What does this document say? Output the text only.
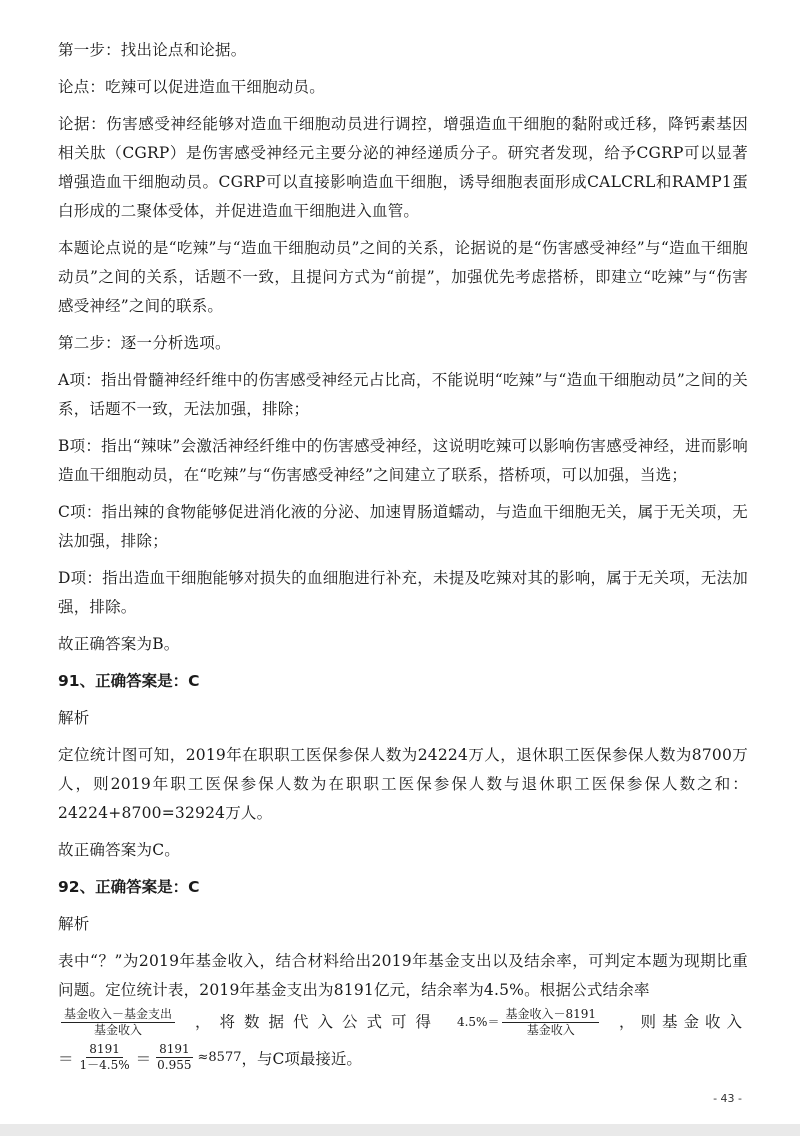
第一步：找出论点和论据。

论点：吃辣可以促进造血干细胞动员。

论据：伤害感受神经能够对造血干细胞动员进行调控，增强造血干细胞的黏附或迁移，降钙素基因相关肽（CGRP）是伤害感受神经元主要分泌的神经递质分子。研究者发现，给予CGRP可以显著增强造血干细胞动员。CGRP可以直接影响造血干细胞，诱导细胞表面形成CALCRL和RAMP1蛋白形成的二聚体受体，并促进造血干细胞进入血管。

本题论点说的是“吃辣”与“造血干细胞动员”之间的关系，论据说的是“伤害感受神经”与“造血干细胞动员”之间的关系，话题不一致，且提问方式为“前提”，加强优先考虑搭桥，即建立“吃辣”与“伤害感受神经”之间的联系。

第二步：逐一分析选项。

A项：指出骨髓神经纤维中的伤害感受神经元占比高，不能说明“吃辣”与“造血干细胞动员”之间的关系，话题不一致，无法加强，排除；

B项：指出“辣味”会激活神经纤维中的伤害感受神经，这说明吃辣可以影响伤害感受神经，进而影响造血干细胞动员，在“吃辣”与“伤害感受神经”之间建立了联系，搭桥项，可以加强，当选；

C项：指出辣的食物能够促进消化液的分泌、加速胃肠道蠕动，与造血干细胞无关，属于无关项，无法加强，排除；

D项：指出造血干细胞能够对损失的血细胞进行补充，未提及吃辣对其的影响，属于无关项，无法加强，排除。

故正确答案为B。

91、正确答案是：C

解析

定位统计图可知，2019年在职职工医保参保人数为24224万人，退休职工医保参保人数为8700万人，则2019年职工医保参保人数为在职职工医保参保人数与退休职工医保参保人数之和：24224+8700=32924万人。

故正确答案为C。

92、正确答案是：C

解析

表中“？”为2019年基金收入，结合材料给出2019年基金支出以及结余率，可判定本题为现期比重问题。定位统计表，2019年基金支出为8191亿元，结余率为4.5%。根据公式结余率

$\frac{\text{基金收入－基金支出}}{\text{基金收入}}$ ，将数据代入公式可得 $4.5\%= \frac{\text{基金收入－8191}}{\text{基金收入}}$ ，则基金收入
＝ $\frac{8191}{1-4.5\%} = \frac{8191}{0.955} \approx 8577$ ，与C项最接近。
- 43 -
